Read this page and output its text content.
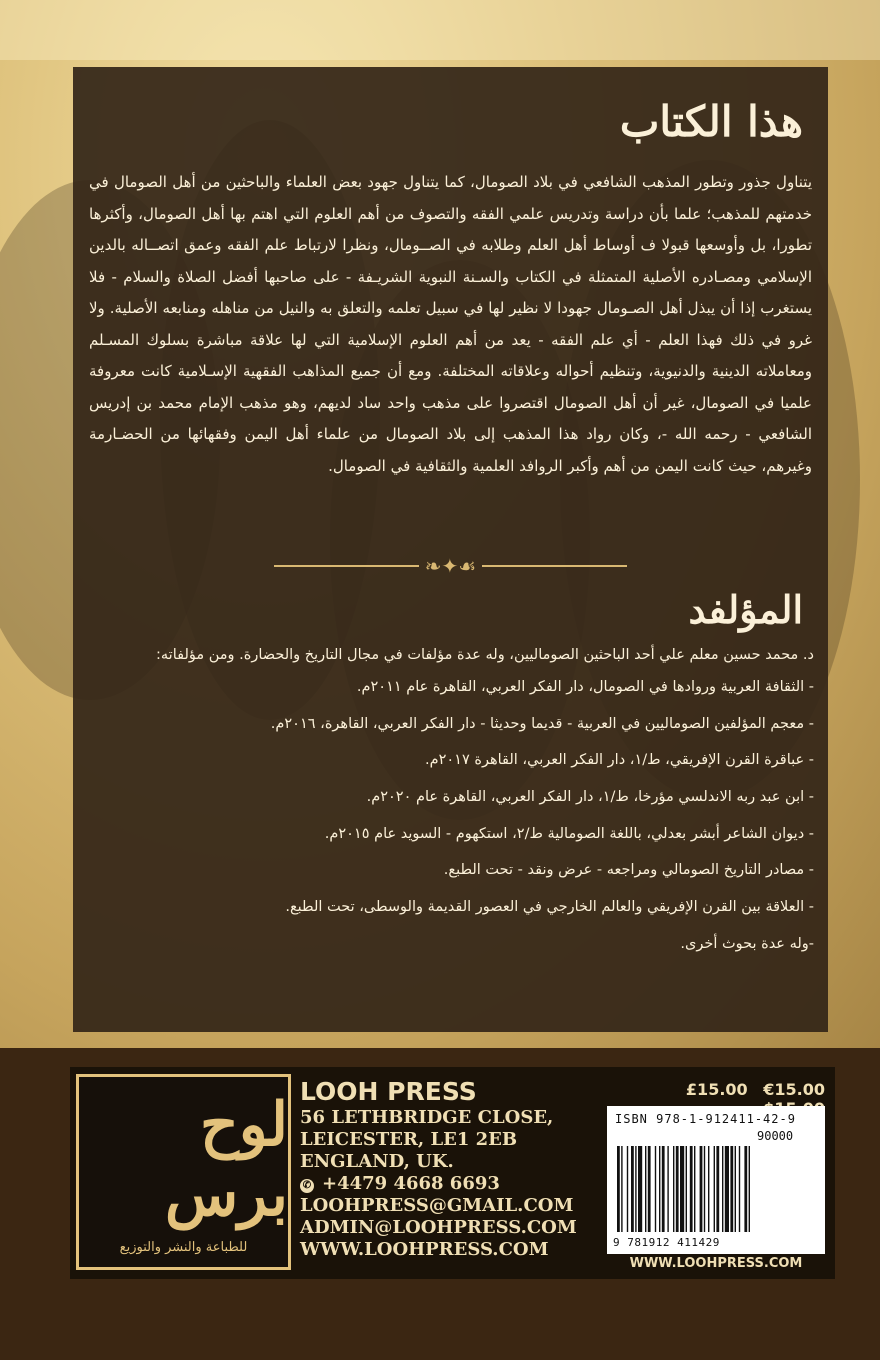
هذا الكتاب
يتناول جذور وتطور المذهب الشافعي في بلاد الصومال، كما يتناول جهود بعض العلماء والباحثين من أهل الصومال في خدمتهم للمذهب؛ علما بأن دراسة وتدريس علمي الفقه والتصوف من أهم العلوم التي اهتم بها أهل الصومال، وأكثرها تطورا، بل وأوسعها قبولا ف أوساط أهل العلم وطلابه في الصــومال، ونظرا لارتباط علم الفقه وعمق اتصــاله بالدين الإسلامي ومصـادره الأصلية المتمثلة في الكتاب والسـنة النبوية الشريـفة - على صاحبها أفضل الصلاة والسلام - فلا يستغرب إذا أن يبذل أهل الصـومال جهودا لا نظير لها في سبيل تعلمه والتعلق به والنيل من مناهله ومنابعه الأصلية. ولا غرو في ذلك فهذا العلم - أي علم الفقه - يعد من أهم العلوم الإسلامية التي لها علاقة مباشرة بسلوك المسـلم ومعاملاته الدينية والدنيوية، وتنظيم أحواله وعلاقاته المختلفة. ومع أن جميع المذاهب الفقهية الإسـلامية كانت معروفة علميا في الصومال، غير أن أهل الصومال اقتصروا على مذهب واحد ساد لديهم، وهو مذهب الإمام محمد بن إدريس الشافعي - رحمه الله -، وكان رواد هذا المذهب إلى بلاد الصومال من علماء أهل اليمن وفقهائها من الحضـارمة وغيرهم، حيث كانت اليمن من أهم وأكبر الروافد العلمية والثقافية في الصومال.
❧✦☙
المؤلفد
د. محمد حسين معلم علي أحد الباحثين الصوماليين، وله عدة مؤلفات في مجال التاريخ والحضارة. ومن مؤلفاته:
- الثقافة العربية وروادها في الصومال، دار الفكر العربي، القاهرة عام ٢٠١١م.
- معجم المؤلفين الصوماليين في العربية - قديما وحديثا - دار الفكر العربي، القاهرة، ٢٠١٦م.
- عباقرة القرن الإفريقي، ط/١، دار الفكر العربي، القاهرة ٢٠١٧م.
- ابن عبد ربه الاندلسي مؤرخا، ط/١، دار الفكر العربي، القاهرة عام ٢٠٢٠م.
- ديوان الشاعر أبشر بعدلي، باللغة الصومالية ط/٢، استكهوم - السويد عام ٢٠١٥م.
- مصادر التاريخ الصومالي ومراجعه - عرض ونقد - تحت الطبع.
- العلاقة بين القرن الإفريقي والعالم الخارجي في العصور القديمة والوسطى، تحت الطبع.
-وله عدة بحوث أخرى.
لوح برس
للطباعة والنشر والتوزيع
LOOH PRESS
56 LETHBRIDGE CLOSE,
LEICESTER, LE1 2EB
ENGLAND, UK.
✆ +4479 4668 6693
LOOHPRESS@GMAIL.COM
ADMIN@LOOHPRESS.COM
WWW.LOOHPRESS.COM
£15.00 €15.00
ISBN 978-1-912411-42-9
90000
9 781912 411429
WWW.LOOHPRESS.COM
